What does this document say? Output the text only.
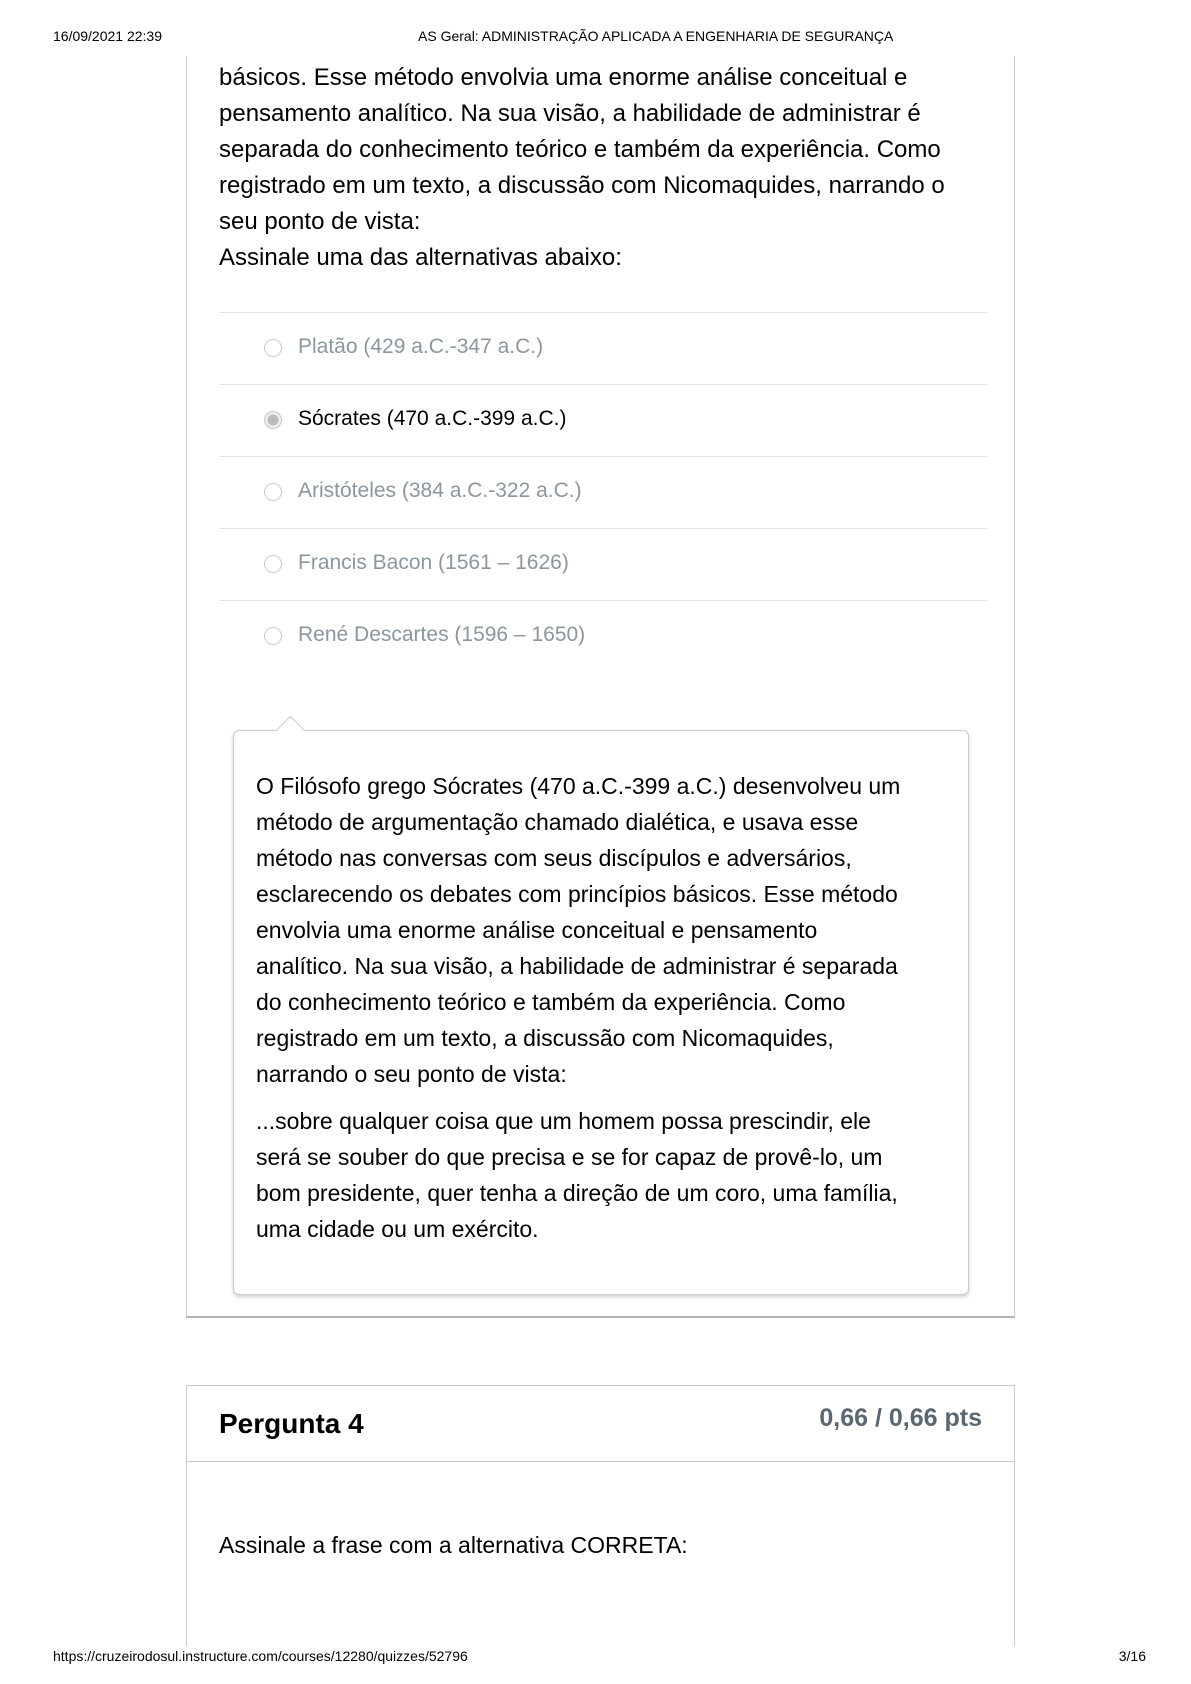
16/09/2021 22:39	AS Geral: ADMINISTRAÇÃO APLICADA A ENGENHARIA DE SEGURANÇA

básicos. Esse método envolvia uma enorme análise conceitual e

pensamento analítico. Na sua visão, a habilidade de administrar é

separada do conhecimento teórico e também da experiência. Como

registrado em um texto, a discussão com Nicomaquides, narrando o

seu ponto de vista:

Assinale uma das alternativas abaixo:

Platão (429 a.C.-347 a.C.)
Sócrates (470 a.C.-399 a.C.)
Aristóteles (384 a.C.-322 a.C.)
Francis Bacon (1561 – 1626)
René Descartes (1596 – 1650)

O Filósofo grego Sócrates (470 a.C.-399 a.C.) desenvolveu um
método de argumentação chamado dialética, e usava esse
método nas conversas com seus discípulos e adversários,
esclarecendo os debates com princípios básicos. Esse método
envolvia uma enorme análise conceitual e pensamento
analítico. Na sua visão, a habilidade de administrar é separada
do conhecimento teórico e também da experiência. Como
registrado em um texto, a discussão com Nicomaquides,
narrando o seu ponto de vista:

...sobre qualquer coisa que um homem possa prescindir, ele
será se souber do que precisa e se for capaz de provê-lo, um
bom presidente, quer tenha a direção de um coro, uma família,
uma cidade ou um exército.

Pergunta 4	0,66 / 0,66 pts
Assinale a frase com a alternativa CORRETA:
https://cruzeirodosul.instructure.com/courses/12280/quizzes/52796	3/16
